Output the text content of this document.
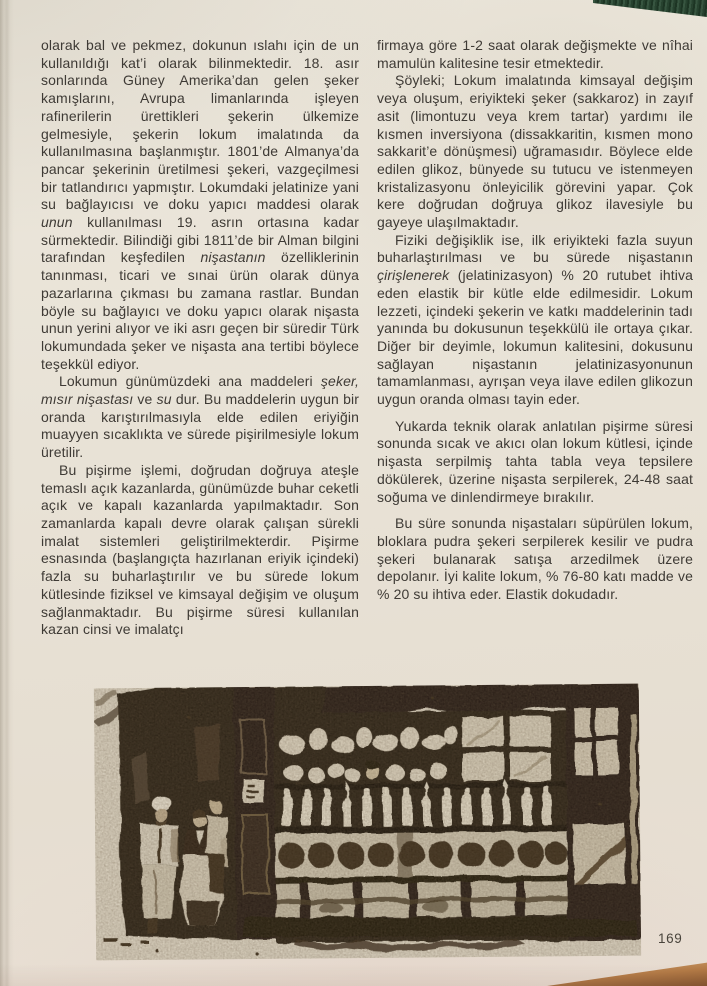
olarak bal ve pekmez, dokunun ıslahı için de un kullanıldığı kat’i olarak bilinmektedir. 18. asır sonlarında Güney Amerika’dan gelen şeker kamışlarını, Avrupa limanlarında işleyen rafinerilerin ürettikleri şekerin ülkemize gelmesiyle, şekerin lokum imalatında da kullanılmasına başlanmıştır. 1801’de Almanya’da pancar şekerinin üretilmesi şekeri, vazgeçilmesi bir tatlandırıcı yapmıştır. Lokumdaki jelatinize yani su bağlayıcısı ve doku yapıcı maddesi olarak unun kullanılması 19. asrın ortasına kadar sürmektedir. Bilindiği gibi 1811’de bir Alman bilgini tarafından keşfedilen nişastanın özelliklerinin tanınması, ticari ve sınai ürün olarak dünya pazarlarına çıkması bu zamana rastlar. Bundan böyle su bağlayıcı ve doku yapıcı olarak nişasta unun yerini alıyor ve iki asrı geçen bir süredir Türk lokumundada şeker ve nişasta ana tertibi böylece teşekkül ediyor.

Lokumun günümüzdeki ana maddeleri şeker, mısır nişastası ve su dur. Bu maddelerin uygun bir oranda karıştırılmasıyla elde edilen eriyiğin muayyen sıcaklıkta ve sürede pişirilmesiyle lokum üretilir.

Bu pişirme işlemi, doğrudan doğruya ateşle temaslı açık kazanlarda, günümüzde buhar ceketli açık ve kapalı kazanlarda yapılmaktadır. Son zamanlarda kapalı devre olarak çalışan sürekli imalat sistemleri geliştirilmekterdir. Pişirme esnasında (başlangıçta hazırlanan eriyik içindeki) fazla su buharlaştırılır ve bu sürede lokum kütlesinde fiziksel ve kimsayal değişim ve oluşum sağlanmaktadır. Bu pişirme süresi kullanılan kazan cinsi ve imalatçı

firmaya göre 1-2 saat olarak değişmekte ve nîhai mamulün kalitesine tesir etmektedir.

Şöyleki; Lokum imalatında kimsayal değişim veya oluşum, eriyikteki şeker (sakkaroz) in zayıf asit (limontuzu veya krem tartar) yardımı ile kısmen inversiyona (dissakkaritin, kısmen mono sakkarit’e dönüşmesi) uğramasıdır. Böylece elde edilen glikoz, bünyede su tutucu ve istenmeyen kristalizasyonu önleyicilik görevini yapar. Çok kere doğrudan doğruya glikoz ilavesiyle bu gayeye ulaşılmaktadır.

Fiziki değişiklik ise, ilk eriyikteki fazla suyun buharlaştırılması ve bu sürede nişastanın çirişlenerek (jelatinizasyon) % 20 rutubet ihtiva eden elastik bir kütle elde edilmesidir. Lokum lezzeti, içindeki şekerin ve katkı maddelerinin tadı yanında bu dokusunun teşekkülü ile ortaya çıkar. Diğer bir deyimle, lokumun kalitesini, dokusunu sağlayan nişastanın jelatinizasyonunun tamamlanması, ayrışan veya ilave edilen glikozun uygun oranda olması tayin eder.

Yukarda teknik olarak anlatılan pişirme süresi sonunda sıcak ve akıcı olan lokum kütlesi, içinde nişasta serpilmiş tahta tabla veya tepsilere dökülerek, üzerine nişasta serpilerek, 24-48 saat soğuma ve dinlendirmeye bırakılır.

Bu süre sonunda nişastaları süpürülen lokum, bloklara pudra şekeri serpilerek kesilir ve pudra şekeri bulanarak satışa arzedilmek üzere depolanır. İyi kalite lokum, % 76-80 katı madde ve % 20 su ihtiva eder. Elastik dokudadır.

169
